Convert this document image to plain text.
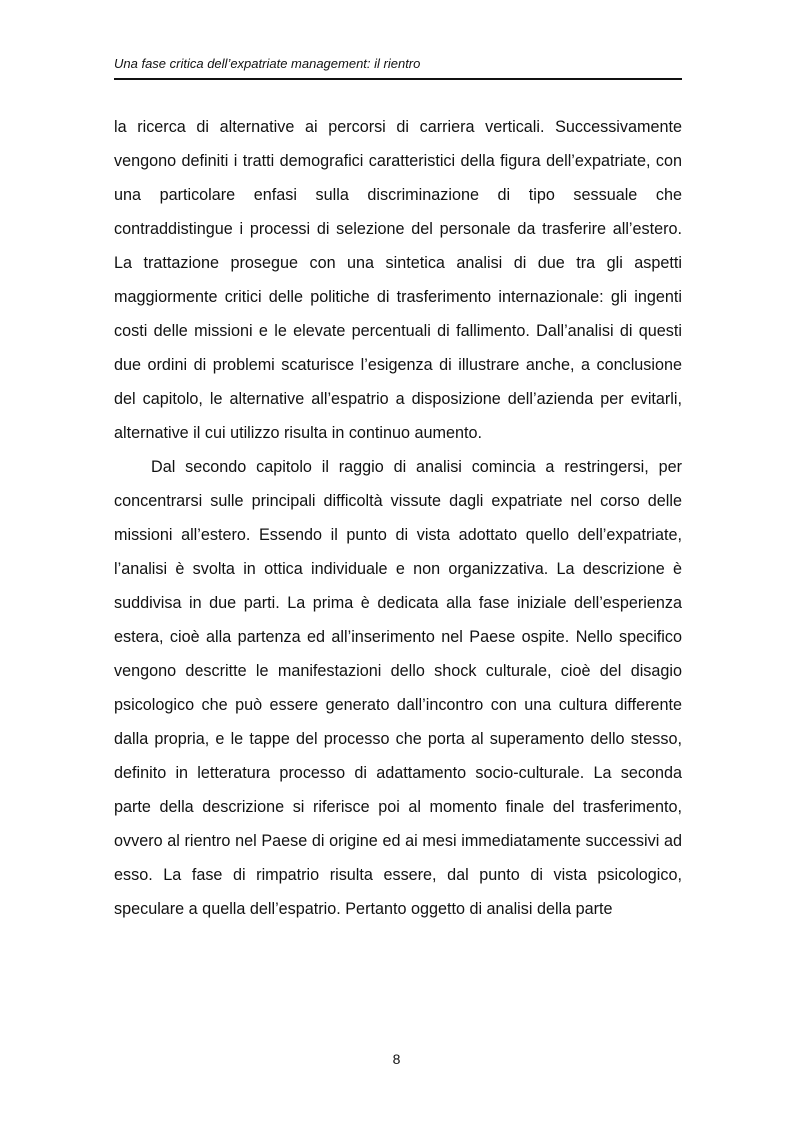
Una fase critica dell’expatriate management: il rientro

la ricerca di alternative ai percorsi di carriera verticali. Successivamente vengono definiti i tratti demografici caratteristici della figura dell’expatriate, con una particolare enfasi sulla discriminazione di tipo sessuale che contraddistingue i processi di selezione del personale da trasferire all’estero. La trattazione prosegue con una sintetica analisi di due tra gli aspetti maggiormente critici delle politiche di trasferimento internazionale: gli ingenti costi delle missioni e le elevate percentuali di fallimento. Dall’analisi di questi due ordini di problemi scaturisce l’esigenza di illustrare anche, a conclusione del capitolo, le alternative all’espatrio a disposizione dell’azienda per evitarli, alternative il cui utilizzo risulta in continuo aumento.

Dal secondo capitolo il raggio di analisi comincia a restringersi, per concentrarsi sulle principali difficoltà vissute dagli expatriate nel corso delle missioni all’estero. Essendo il punto di vista adottato quello dell’expatriate, l’analisi è svolta in ottica individuale e non organizzativa. La descrizione è suddivisa in due parti. La prima è dedicata alla fase iniziale dell’esperienza estera, cioè alla partenza ed all’inserimento nel Paese ospite. Nello specifico vengono descritte le manifestazioni dello shock culturale, cioè del disagio psicologico che può essere generato dall’incontro con una cultura differente dalla propria, e le tappe del processo che porta al superamento dello stesso, definito in letteratura processo di adattamento socio-culturale. La seconda parte della descrizione si riferisce poi al momento finale del trasferimento, ovvero al rientro nel Paese di origine ed ai mesi immediatamente successivi ad esso. La fase di rimpatrio risulta essere, dal punto di vista psicologico, speculare a quella dell’espatrio. Pertanto oggetto di analisi della parte

8
